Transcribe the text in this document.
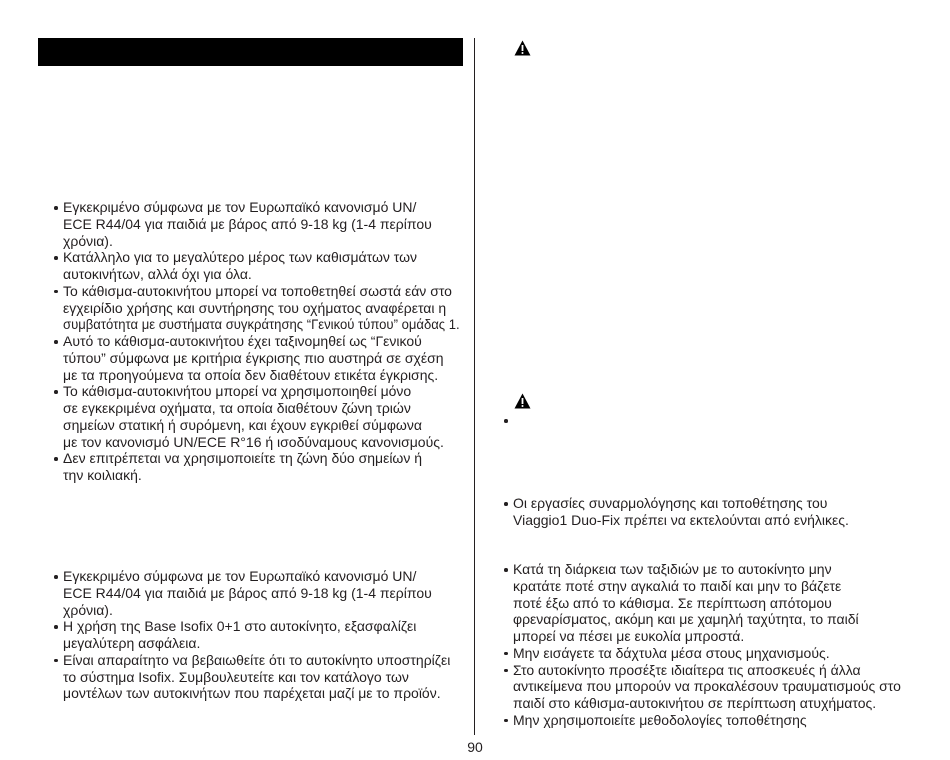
Εγκεκριμένο σύμφωνα με τον Ευρωπαϊκό κανονισμό UN/
ECE R44/04 για παιδιά με βάρος από 9-18 kg (1-4 περίπου
χρόνια).
Κατάλληλο για το μεγαλύτερο μέρος των καθισμάτων των
αυτοκινήτων, αλλά όχι για όλα.
Το κάθισμα-αυτοκινήτου μπορεί να τοποθετηθεί σωστά εάν στο
εγχειρίδιο χρήσης και συντήρησης του οχήματος αναφέρεται η
συμβατότητα με συστήματα συγκράτησης “Γενικού τύπου” ομάδας 1.
Αυτό το κάθισμα-αυτοκινήτου έχει ταξινομηθεί ως “Γενικού
τύπου” σύμφωνα με κριτήρια έγκρισης πιο αυστηρά σε σχέση
με τα προηγούμενα τα οποία δεν διαθέτουν ετικέτα έγκρισης.
Το κάθισμα-αυτοκινήτου μπορεί να χρησιμοποιηθεί μόνο
σε εγκεκριμένα οχήματα, τα οποία διαθέτουν ζώνη τριών
σημείων στατική ή συρόμενη, και έχουν εγκριθεί σύμφωνα
με τον κανονισμό UN/ECE R°16 ή ισοδύναμους κανονισμούς.
Δεν επιτρέπεται να χρησιμοποιείτε τη ζώνη δύο σημείων ή
την κοιλιακή.
Εγκεκριμένο σύμφωνα με τον Ευρωπαϊκό κανονισμό UN/
ECE R44/04 για παιδιά με βάρος από 9-18 kg (1-4 περίπου
χρόνια).
Η χρήση της Base Isofix 0+1 στο αυτοκίνητο, εξασφαλίζει
μεγαλύτερη ασφάλεια.
Είναι απαραίτητο να βεβαιωθείτε ότι το αυτοκίνητο υποστηρίζει
το σύστημα Isofix. Συμβουλευτείτε και τον κατάλογο των
μοντέλων των αυτοκινήτων που παρέχεται μαζί με το προϊόν.
Οι εργασίες συναρμολόγησης και τοποθέτησης του
Viaggio1 Duo-Fix πρέπει να εκτελούνται από ενήλικες.
Κατά τη διάρκεια των ταξιδιών με το αυτοκίνητο μην
κρατάτε ποτέ στην αγκαλιά το παιδί και μην το βάζετε
ποτέ έξω από το κάθισμα. Σε περίπτωση απότομου
φρεναρίσματος, ακόμη και με χαμηλή ταχύτητα, το παιδί
μπορεί να πέσει με ευκολία μπροστά.
Μην εισάγετε τα δάχτυλα μέσα στους μηχανισμούς.
Στο αυτοκίνητο προσέξτε ιδιαίτερα τις αποσκευές ή άλλα
αντικείμενα που μπορούν να προκαλέσουν τραυματισμούς στο
παιδί στο κάθισμα-αυτοκινήτου σε περίπτωση ατυχήματος.
Μην χρησιμοποιείτε μεθοδολογίες τοποθέτησης
90
